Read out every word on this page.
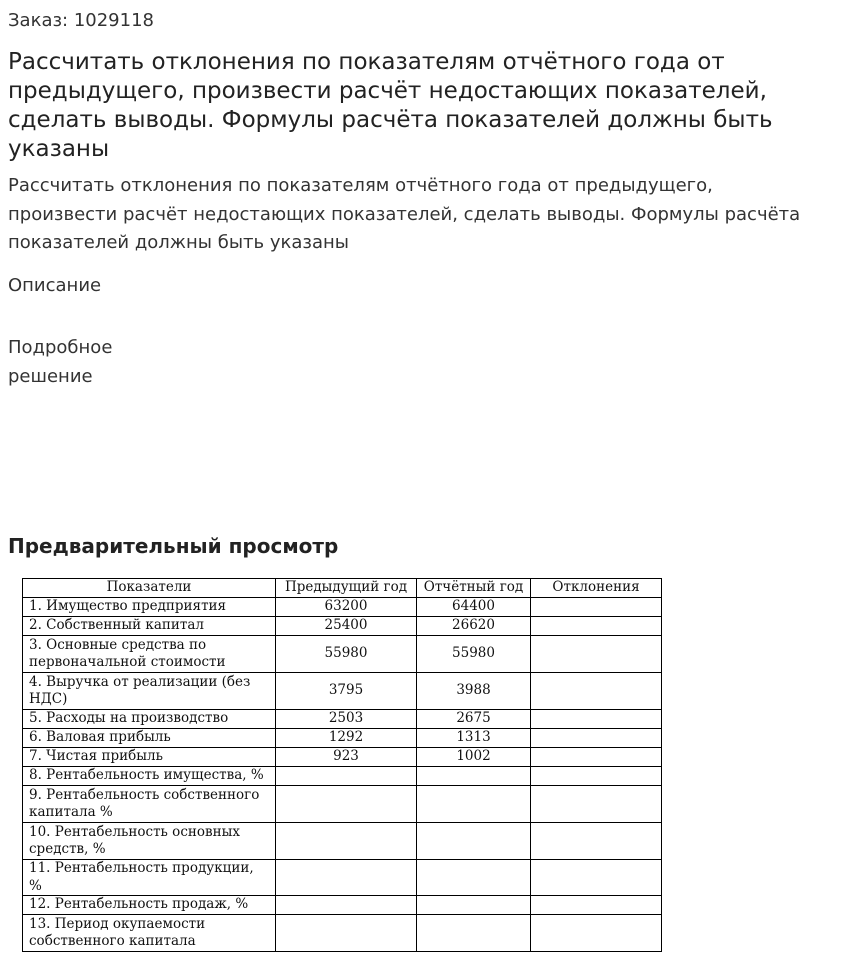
Заказ: 1029118
Рассчитать отклонения по показателям отчётного года от предыдущего, произвести расчёт недостающих показателей, сделать выводы. Формулы расчёта показателей должны быть указаны
Рассчитать отклонения по показателям отчётного года от предыдущего, произвести расчёт недостающих показателей, сделать выводы. Формулы расчёта показателей должны быть указаны
Описание
Подробное решение
Предварительный просмотр
Показатели	Предыдущий год	Отчётный год	Отклонения
1. Имущество предприятия	63200	64400	
2. Собственный капитал	25400	26620	
3. Основные средства по первоначальной стоимости	55980	55980	
4. Выручка от реализации (без НДС)	3795	3988	
5. Расходы на производство	2503	2675	
6. Валовая прибыль	1292	1313	
7. Чистая прибыль	923	1002	
8. Рентабельность имущества, %			
9. Рентабельность собственного капитала %			
10. Рентабельность основных средств, %			
11. Рентабельность продукции, %			
12. Рентабельность продаж, %			
13. Период окупаемости собственного капитала			
